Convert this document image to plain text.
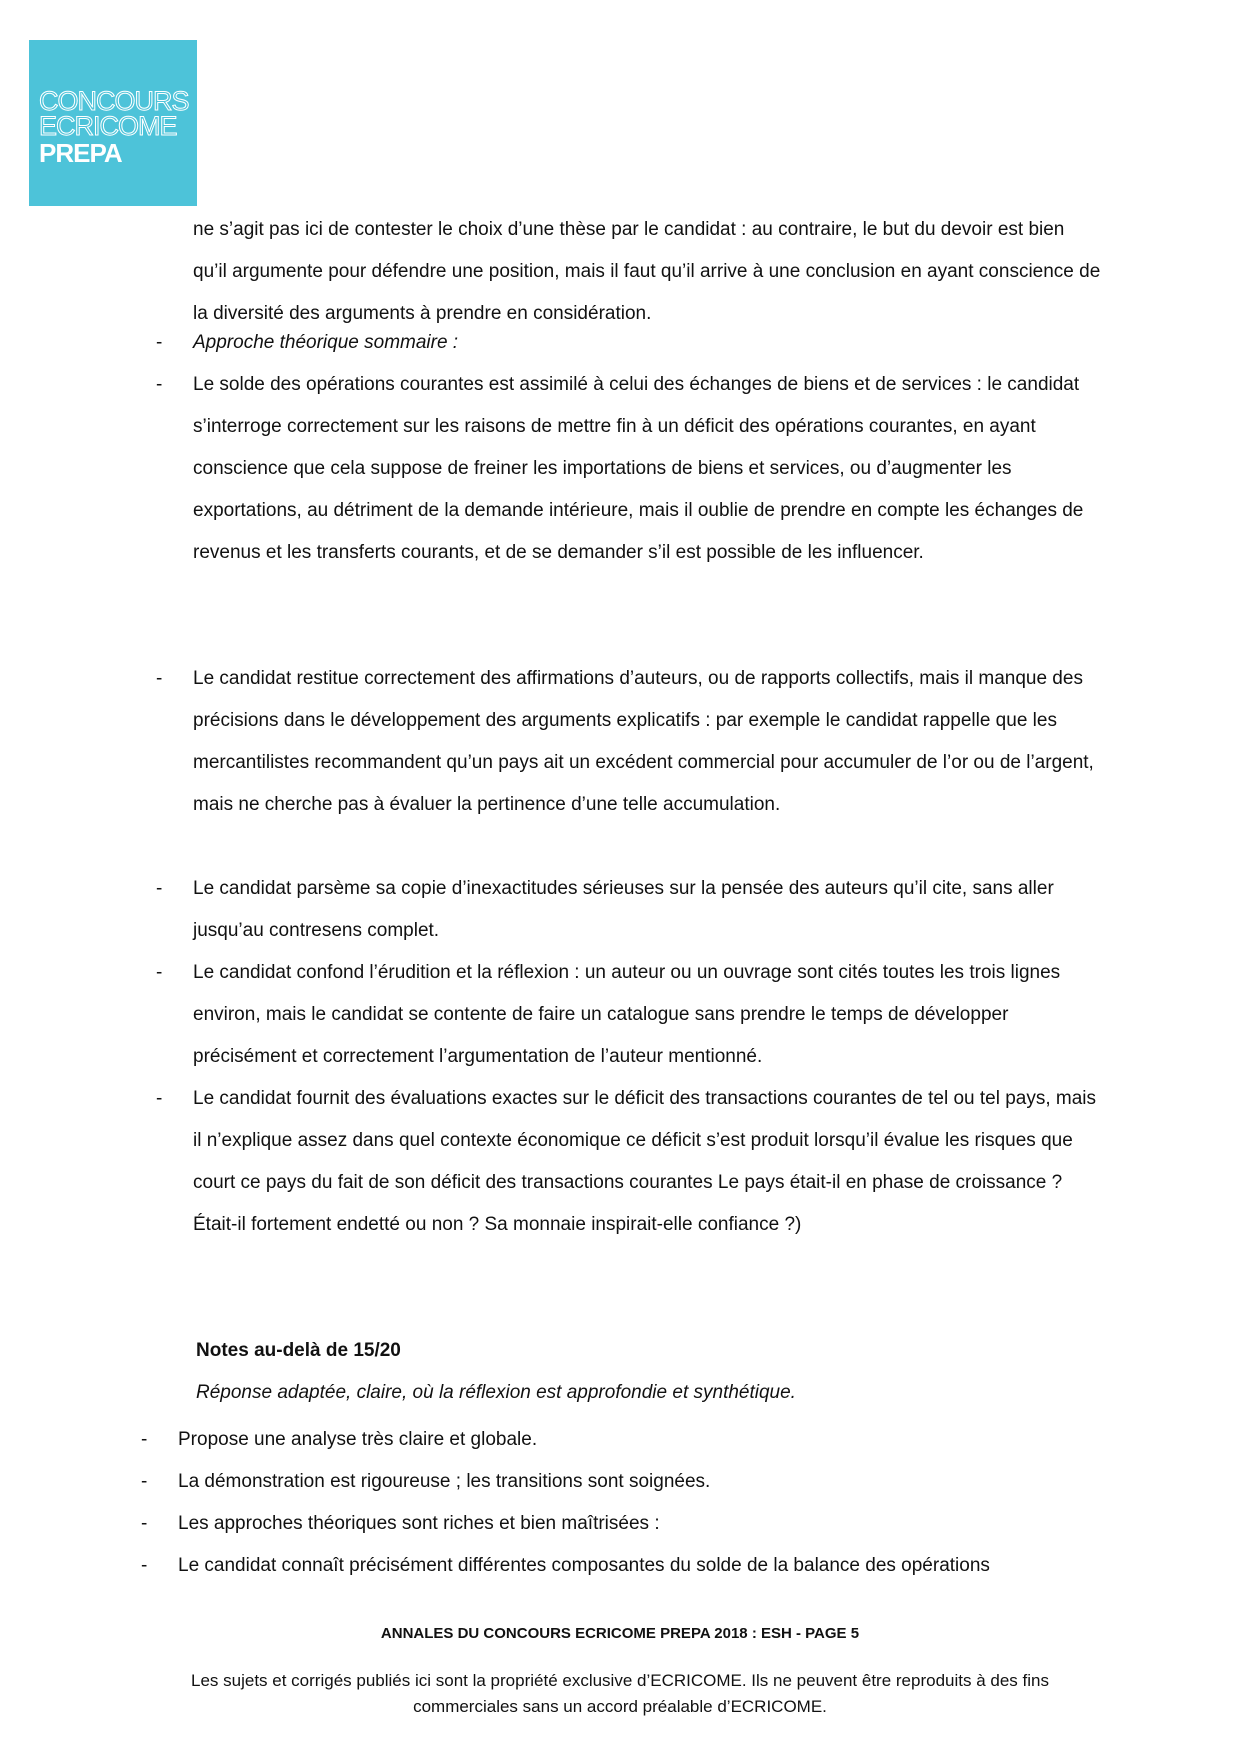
CONCOURS
ECRICOME
PREPA
ne s’agit pas ici de contester le choix d’une thèse par le candidat : au contraire, le but du devoir est bien qu’il argumente pour défendre une position, mais il faut qu’il arrive à une conclusion en ayant conscience de la diversité des arguments à prendre en considération.
- Approche théorique sommaire :
- Le solde des opérations courantes est assimilé à celui des échanges de biens et de services : le candidat s’interroge correctement sur les raisons de mettre fin à un déficit des opérations courantes, en ayant conscience que cela suppose de freiner les importations de biens et services, ou d’augmenter les exportations, au détriment de la demande intérieure, mais il oublie de prendre en compte les échanges de revenus et les transferts courants, et de se demander s’il est possible de les influencer.
- Le candidat restitue correctement des affirmations d’auteurs, ou de rapports collectifs, mais il manque des précisions dans le développement des arguments explicatifs : par exemple le candidat rappelle que les mercantilistes recommandent qu’un pays ait un excédent commercial pour accumuler de l’or ou de l’argent, mais ne cherche pas à évaluer la pertinence d’une telle accumulation.
- Le candidat parsème sa copie d’inexactitudes sérieuses sur la pensée des auteurs qu’il cite, sans aller jusqu’au contresens complet.
- Le candidat confond l’érudition et la réflexion : un auteur ou un ouvrage sont cités toutes les trois lignes environ, mais le candidat se contente de faire un catalogue sans prendre le temps de développer précisément et correctement l’argumentation de l’auteur mentionné.
- Le candidat fournit des évaluations exactes sur le déficit des transactions courantes de tel ou tel pays, mais il n’explique assez dans quel contexte économique ce déficit s’est produit lorsqu’il évalue les risques que court ce pays du fait de son déficit des transactions courantes Le pays était-il en phase de croissance ? Était-il fortement endetté ou non ? Sa monnaie inspirait-elle confiance ?)
Notes au-delà de 15/20
Réponse adaptée, claire, où la réflexion est approfondie et synthétique.
- Propose une analyse très claire et globale.
- La démonstration est rigoureuse ; les transitions sont soignées.
- Les approches théoriques sont riches et bien maîtrisées :
- Le candidat connaît précisément différentes composantes du solde de la balance des opérations
ANNALES DU CONCOURS ECRICOME PREPA 2018 : ESH - PAGE 5
Les sujets et corrigés publiés ici sont la propriété exclusive d’ECRICOME. Ils ne peuvent être reproduits à des fins commerciales sans un accord préalable d’ECRICOME.
